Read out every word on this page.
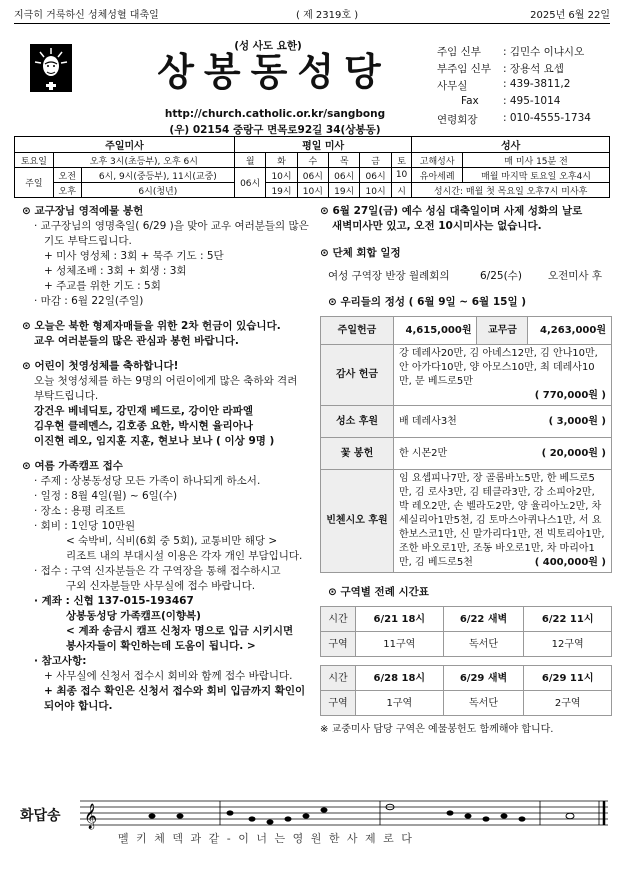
지극히 거룩하신 성체성혈 대축일	( 제 2319호 )	2025년 6월 22일
(성 사도 요한)
상봉동성당
http://church.catholic.or.kr/sangbong
(우) 02154 중랑구 면목로92길 34(상봉동)
주임 신부 : 김민수 이냐시오
부주임 신부 : 장용석 요셉
사무실	: 439-3811,2
Fax : 495-1014
연령회장 : 010-4555-1734
주일미사			평일 미사						성사	
토요일	오후 3시(초등부), 오후 6시		월	화	수	목	금	토	고해성사	매 미사 15분 전
주일	오전	6시, 9시(중등부), 11시(교중)	06시	10시	06시	06시	06시	10	유아세례	매월 마지막 토요일 오후4시
	오후	6시(청년)		19시	10시	19시	10시	시	성시간: 매월 첫 목요일 오후7시 미사후	
⊙ 교구장님 영적예물 봉헌
· 교구장님의 영명축일( 6/29 )을 맞아 교우 여러분들의 많은
기도 부탁드립니다.
+ 미사 영성체 : 3회 + 묵주 기도 : 5단
+ 성체조배 : 3회 + 회생 : 3회
+ 주교를 위한 기도 : 5회
· 마감 : 6월 22일(주일)
⊙ 오늘은 북한 형제자매들을 위한 2차 헌금이 있습니다.
교우 여러분들의 많은 관심과 봉헌 바랍니다.
⊙ 어린이 첫영성체를 축하합니다!
오늘 첫영성체를 하는 9명의 어린이에게 많은 축하와 격려
부탁드립니다.
강건우 베네딕토, 강민재 베드로, 강이안 라파엘
김우현 클레멘스, 김호종 요한, 박시현 율리아나
이진현 레오, 임지훈 지훈, 현보나 보나 ( 이상 9명 )
⊙ 여름 가족캠프 접수
· 주제 : 상봉동성당 모든 가족이 하나되게 하소서.
· 일정 : 8월 4일(월) ~ 6일(수)
· 장소 : 용평 리조트
· 회비 : 1인당 10만원
< 숙박비, 식비(6회 중 5회), 교통비만 해당 >
리조트 내의 부대시설 이용은 각자 개인 부담입니다.
· 접수 : 구역 신자분들은 각 구역장을 통해 접수하시고
구외 신자분들만 사무실에 접수 바랍니다.
· 계좌 : 신협 137-015-193467
상봉동성당 가족캠프(이향복)
< 계좌 송금시 캠프 신청자 명으로 입금 시키시면
봉사자들이 확인하는데 도움이 됩니다. >
· 참고사항:
+ 사무실에 신청서 접수시 회비와 함께 접수 바랍니다.
+ 최종 접수 확인은 신청서 접수와 회비 입금까지 확인이
되어야 합니다.
⊙ 6월 27일(금) 예수 성심 대축일이며 사제 성화의 날로
새벽미사만 있고, 오전 10시미사는 없습니다.
⊙ 단체 회합 일정
여성 구역장 반장 월례회의	6/25(수) 오전미사 후
⊙ 우리들의 정성 ( 6월 9일 ~ 6월 15일 )
주일헌금	4,615,000원	교무금	4,263,000원
감사 헌금	강 데레사20만, 김 아녜스12만, 김 안나10만, 안 아가다10만, 양 아모스10만, 최 데레사10만, 문 베드로5만
( 770,000원 )		

성소 후원	배 데레사3천 ( 3,000원 )		

꽃 봉헌	한 시몬2만 ( 20,000원 )		

빈첸시오 후원	임 요셉피나7만, 장 골롬바노5만, 한 베드로5만, 김 로사3만, 김 테클라3만, 강 소피아2만, 박 레오2만, 손 벨라도2만, 양 율리아노2만, 차 세실리아1만5천, 김 토마스아퀴나스1만, 서 요한보스코1만, 신 말가리다1만, 전 빅토리아1만, 조한 바오로1만, 조동 바오로1만, 차 마리아1만, 김 베드로5천 ( 400,000원 )		
⊙ 구역별 전례 시간표
시간	6/21 18시	6/22 새벽	6/22 11시
구역	11구역	독서단	12구역
시간	6/28 18시	6/29 새벽	6/29 11시
구역	1구역	독서단	2구역
※ 교중미사 담당 구역은 예물봉헌도 함께해야 합니다.
화답송 𝄞
멜 키 체 덱 과 같 - 이 너 는 영 원 한 사 제 로 다
